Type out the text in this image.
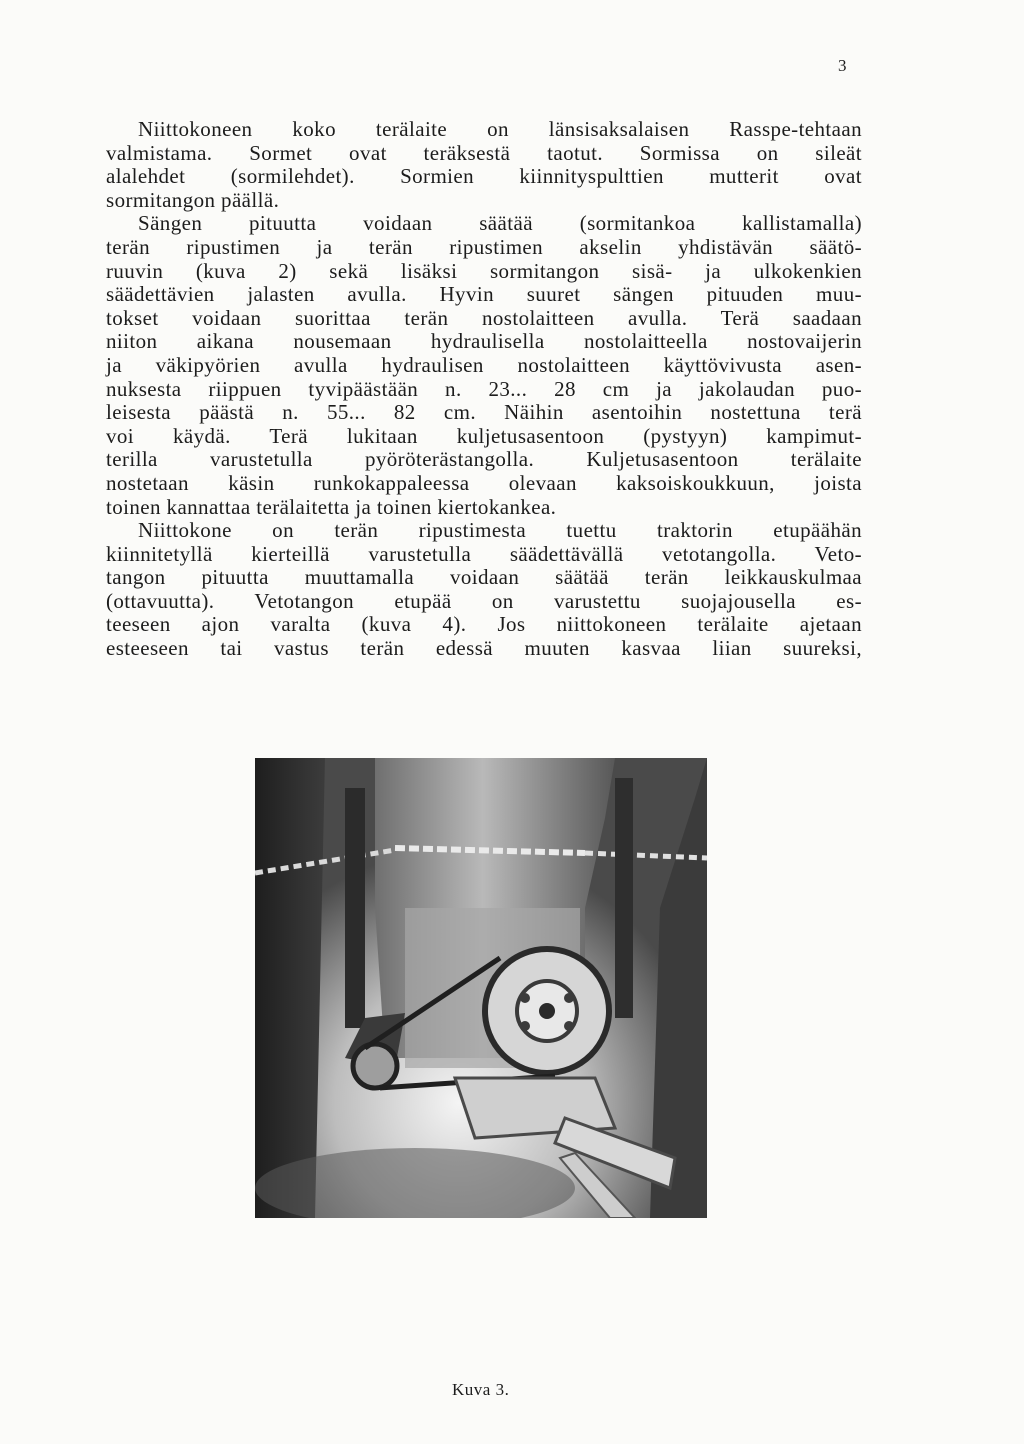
3
Niittokoneen koko terälaite on länsisaksalaisen Rasspe-tehtaan
valmistama. Sormet ovat teräksestä taotut. Sormissa on sileät
alalehdet (sormilehdet). Sormien kiinnityspulttien mutterit ovat
sormitangon päällä.
Sängen pituutta voidaan säätää (sormitankoa kallistamalla)
terän ripustimen ja terän ripustimen akselin yhdistävän säätö-
ruuvin (kuva 2) sekä lisäksi sormitangon sisä- ja ulkokenkien
säädettävien jalasten avulla. Hyvin suuret sängen pituuden muu-
tokset voidaan suorittaa terän nostolaitteen avulla. Terä saadaan
niiton aikana nousemaan hydraulisella nostolaitteella nostovaijerin
ja väkipyörien avulla hydraulisen nostolaitteen käyttövivusta asen-
nuksesta riippuen tyvipäästään n. 23... 28 cm ja jakolaudan puo-
leisesta päästä n. 55... 82 cm. Näihin asentoihin nostettuna terä
voi käydä. Terä lukitaan kuljetusasentoon (pystyyn) kampimut-
terilla varustetulla pyöröterästangolla. Kuljetusasentoon terälaite
nostetaan käsin runkokappaleessa olevaan kaksoiskoukkuun, joista
toinen kannattaa terälaitetta ja toinen kiertokankea.
Niittokone on terän ripustimesta tuettu traktorin etupäähän
kiinnitetyllä kierteillä varustetulla säädettävällä vetotangolla. Veto-
tangon pituutta muuttamalla voidaan säätää terän leikkauskulmaa
(ottavuutta). Vetotangon etupää on varustettu suojajousella es-
teeseen ajon varalta (kuva 4). Jos niittokoneen terälaite ajetaan
esteeseen tai vastus terän edessä muuten kasvaa liian suureksi,
Kuva 3.
